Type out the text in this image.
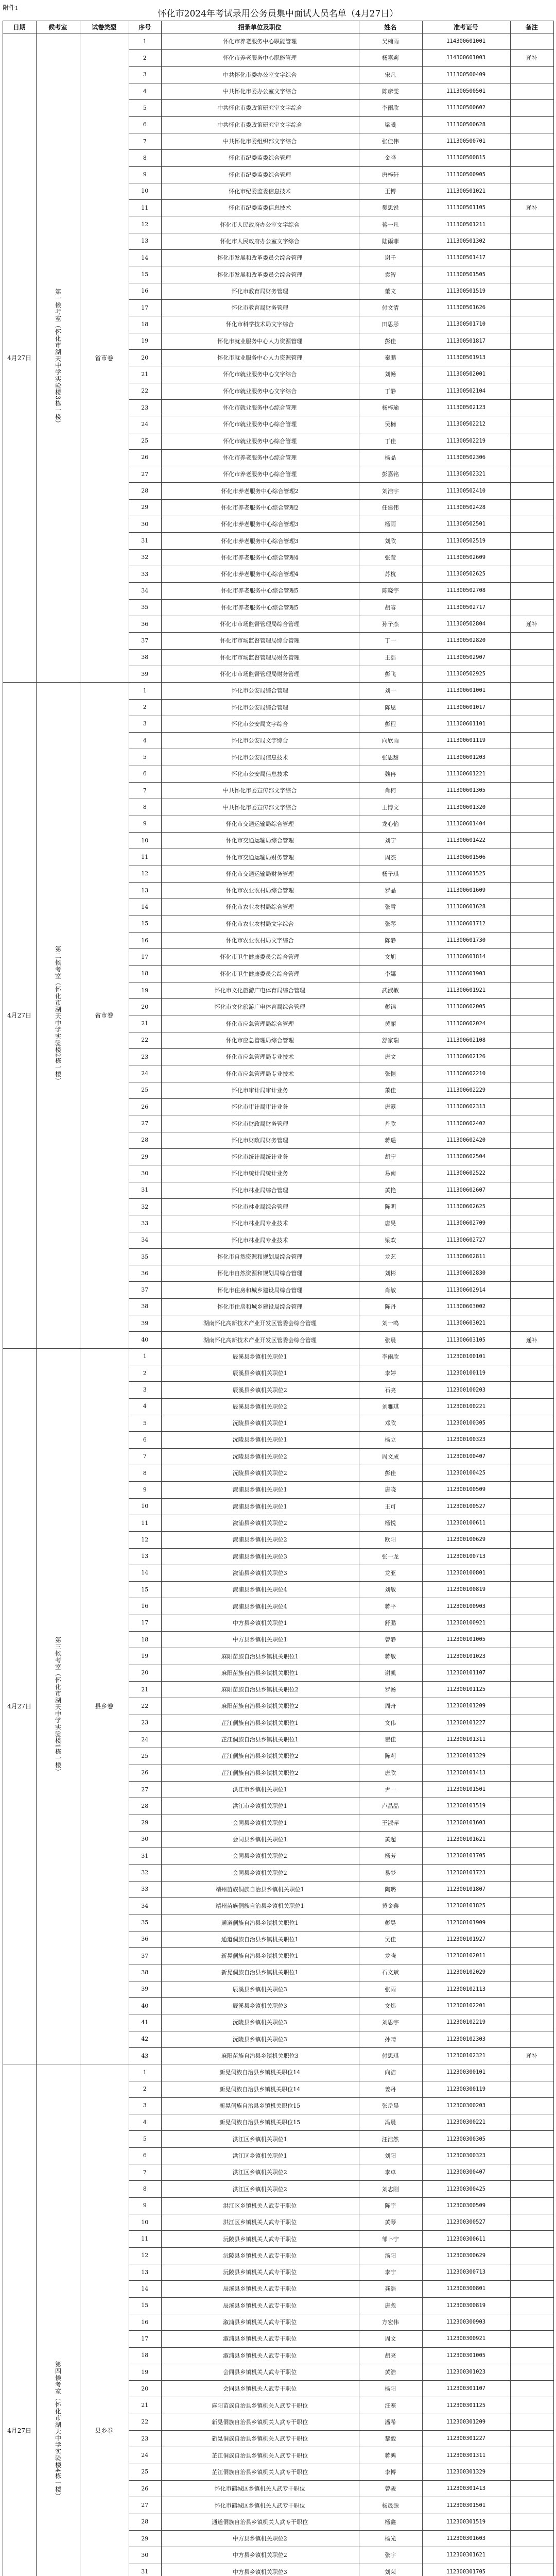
附件1
怀化市2024年考试录用公务员集中面试人员名单（4月27日）
日期	候考室	试卷类型	序号	招录单位及职位	姓名	准考证号	备注
4月27日	第一候考室（怀化市湖天中学实验楼3栋一楼）	省市卷
1	怀化市养老服务中心职能管理	吴楠雨	114300601001
2	怀化市养老服务中心职能管理	杨嘉莉	114300601003	递补
3	中共怀化市委办公室文字综合	宋凡	111300500409
4	中共怀化市委办公室文字综合	陈彦雯	111300500501
5	中共怀化市委政策研究室文字综合	李雨欣	111300500602
6	中共怀化市委政策研究室文字综合	梁曦	111300500628
7	中共怀化市委组织部文字综合	张佳伟	111300500701
8	怀化市纪委监委综合管理	金晔	111300500815
9	怀化市纪委监委综合管理	唐梓轩	111300500905
10	怀化市纪委监委信息技术	王博	111300501021
11	怀化市纪委监委信息技术	樊思锐	111300501105	递补
12	怀化市人民政府办公室文字综合	蒋一凡	111300501211
13	怀化市人民政府办公室文字综合	陆雨菲	111300501302
14	怀化市发展和改革委员会综合管理	谢千	111300501417
15	怀化市发展和改革委员会综合管理	袁智	111300501505
16	怀化市教育局财务管理	董文	111300501519
17	怀化市教育局财务管理	付文清	111300501626
18	怀化市科学技术局文字综合	田思彤	111300501710
19	怀化市就业服务中心人力资源管理	彭佳	111300501817
20	怀化市就业服务中心人力资源管理	秦鹏	111300501913
21	怀化市就业服务中心文字综合	刘畅	111300502001
22	怀化市就业服务中心文字综合	丁静	111300502104
23	怀化市就业服务中心综合管理	杨梓瑜	111300502123
24	怀化市就业服务中心综合管理	吴楠	111300502212
25	怀化市就业服务中心综合管理	丁佳	111300502219
26	怀化市养老服务中心综合管理	杨晶	111300502306
27	怀化市养老服务中心综合管理	彭嘉铭	111300502321
28	怀化市养老服务中心综合管理2	刘浩宇	111300502410
29	怀化市养老服务中心综合管理2	任建伟	111300502428
30	怀化市养老服务中心综合管理3	杨雨	111300502501
31	怀化市养老服务中心综合管理3	刘欣	111300502519
32	怀化市养老服务中心综合管理4	张莹	111300502609
33	怀化市养老服务中心综合管理4	苏杭	111300502625
34	怀化市养老服务中心综合管理5	陈晓宇	111300502708
35	怀化市养老服务中心综合管理5	胡睿	111300502717
36	怀化市市场监督管理局综合管理	孙子杰	111300502804	递补
37	怀化市市场监督管理局综合管理	丁一	111300502820
38	怀化市市场监督管理局财务管理	王浩	111300502907
39	怀化市市场监督管理局财务管理	彭飞	111300502925
4月27日	第二候考室（怀化市湖天中学实验楼2栋一楼）	省市卷
1	怀化市公安局综合管理	刘一	111300601001
2	怀化市公安局综合管理	陈思	111300601017
3	怀化市公安局文字综合	彭程	111300601101
4	怀化市公安局文字综合	向欣雨	111300601119
5	怀化市公安局信息技术	张思甜	111300601203
6	怀化市公安局信息技术	魏冉	111300601221
7	中共怀化市委宣传部文字综合	肖柯	111300601305
8	中共怀化市委宣传部文字综合	王博文	111300601320
9	怀化市交通运输局综合管理	龙心怡	111300601404
10	怀化市交通运输局综合管理	刘宁	111300601422
11	怀化市交通运输局财务管理	周杰	111300601506
12	怀化市交通运输局财务管理	杨子琪	111300601525
13	怀化市农业农村局综合管理	罗晶	111300601609
14	怀化市农业农村局综合管理	张雪	111300601628
15	怀化市农业农村局文字综合	张琴	111300601712
16	怀化市农业农村局文字综合	陈静	111300601730
17	怀化市卫生健康委员会综合管理	文旭	111300601814
18	怀化市卫生健康委员会综合管理	李娜	111300601903
19	怀化市文化旅游广电体育局综合管理	武淑敏	111300601921
20	怀化市文化旅游广电体育局综合管理	彭锦	111300602005
21	怀化市应急管理局综合管理	黄丽	111300602024
22	怀化市应急管理局综合管理	舒家瑞	111300602108
23	怀化市应急管理局专业技术	唐文	111300602126
24	怀化市应急管理局专业技术	张恺	111300602210
25	怀化市审计局审计业务	萧佳	111300602229
26	怀化市审计局审计业务	唐露	111300602313
27	怀化市财政局财务管理	丹欣	111300602402
28	怀化市财政局财务管理	蒋遥	111300602420
29	怀化市统计局统计业务	胡宁	111300602504
30	怀化市统计局统计业务	易南	111300602522
31	怀化市林业局综合管理	黄艳	111300602607
32	怀化市林业局综合管理	陈明	111300602625
33	怀化市林业局专业技术	唐昊	111300602709
34	怀化市林业局专业技术	梁欢	111300602727
35	怀化市自然资源和规划局综合管理	龙艺	111300602811
36	怀化市自然资源和规划局综合管理	刘彬	111300602830
37	怀化市住房和城乡建设局综合管理	肖敏	111300602914
38	怀化市住房和城乡建设局综合管理	陈丹	111300603002
39	湖南怀化高新技术产业开发区管委会综合管理	刘一鸣	111300603021
40	湖南怀化高新技术产业开发区管委会综合管理	张晨	111300603105	递补
4月27日	第三候考室（怀化市湖天中学实验楼1栋一楼）	县乡卷
1	辰溪县乡镇机关职位1	李雨欣	112300100101
2	辰溪县乡镇机关职位1	李婷	112300100119
3	辰溪县乡镇机关职位2	石亮	112300100203
4	辰溪县乡镇机关职位2	刘雅琪	112300100221
5	沅陵县乡镇机关职位1	邓欣	112300100305
6	沅陵县乡镇机关职位1	杨立	112300100323
7	沅陵县乡镇机关职位2	周文成	112300100407
8	沅陵县乡镇机关职位2	彭佳	112300100425
9	溆浦县乡镇机关职位1	唐晓	112300100509
10	溆浦县乡镇机关职位1	王可	112300100527
11	溆浦县乡镇机关职位2	杨悦	112300100611
12	溆浦县乡镇机关职位2	欧阳	112300100629
13	溆浦县乡镇机关职位3	张一龙	112300100713
14	溆浦县乡镇机关职位3	龙亚	112300100801
15	溆浦县乡镇机关职位4	刘敏	112300100819
16	溆浦县乡镇机关职位4	蒋平	112300100903
17	中方县乡镇机关职位1	舒鹏	112300100921
18	中方县乡镇机关职位1	曾静	112300101005
19	麻阳苗族自治县乡镇机关职位1	蒋敏	112300101023
20	麻阳苗族自治县乡镇机关职位1	谢凯	112300101107
21	麻阳苗族自治县乡镇机关职位2	罗畅	112300101125
22	麻阳苗族自治县乡镇机关职位2	周舟	112300101209
23	芷江侗族自治县乡镇机关职位1	文伟	112300101227
24	芷江侗族自治县乡镇机关职位1	瞿佳	112300101311
25	芷江侗族自治县乡镇机关职位2	陈莉	112300101329
26	芷江侗族自治县乡镇机关职位2	唐欣	112300101413
27	洪江市乡镇机关职位1	尹一	112300101501
28	洪江市乡镇机关职位1	卢晶晶	112300101519
29	会同县乡镇机关职位1	王淑萍	112300101603
30	会同县乡镇机关职位1	黄超	112300101621
31	会同县乡镇机关职位2	杨芳	112300101705
32	会同县乡镇机关职位2	易梦	112300101723
33	靖州苗族侗族自治县乡镇机关职位1	陶璐	112300101807
34	靖州苗族侗族自治县乡镇机关职位1	黄金鑫	112300101825
35	通道侗族自治县乡镇机关职位1	彭昊	112300101909
36	通道侗族自治县乡镇机关职位1	吴佳	112300101927
37	新晃侗族自治县乡镇机关职位1	龙晓	112300102011
38	新晃侗族自治县乡镇机关职位1	石文斌	112300102029
39	辰溪县乡镇机关职位3	张雨	112300102113
40	辰溪县乡镇机关职位3	文炜	112300102201
41	沅陵县乡镇机关职位3	刘思宇	112300102219
42	沅陵县乡镇机关职位3	孙晴	112300102303
43	麻阳苗族自治县乡镇机关职位3	付思琪	112300102321	递补
4月27日	第四候考室（怀化市湖天中学实验楼4栋一楼）	县乡卷
1	新晃侗族自治县乡镇机关职位14	向洁	112300300101
2	新晃侗族自治县乡镇机关职位14	姜丹	112300300119
3	新晃侗族自治县乡镇机关职位15	张岳晨	112300300203
4	新晃侗族自治县乡镇机关职位15	冯晨	112300300221
5	洪江区乡镇机关职位1	汪浩然	112300300305
6	洪江区乡镇机关职位1	刘阳	112300300323
7	洪江区乡镇机关职位2	李卓	112300300407
8	洪江区乡镇机关职位2	刘志刚	112300300425
9	洪江区乡镇机关人武专干职位	陈宇	112300300509
10	洪江区乡镇机关人武专干职位	黄琴	112300300527
11	沅陵县乡镇机关人武专干职位	邹卜宁	112300300611
12	沅陵县乡镇机关人武专干职位	汤阳	112300300629
13	沅陵县乡镇机关人武专干职位	李宁	112300300713
14	辰溪县乡镇机关人武专干职位	龚浩	112300300801
15	辰溪县乡镇机关人武专干职位	唐彪	112300300819
16	溆浦县乡镇机关人武专干职位	方宏伟	112300300903
17	溆浦县乡镇机关人武专干职位	周文	112300300921
18	溆浦县乡镇机关人武专干职位	胡亮	112300301005
19	会同县乡镇机关人武专干职位	黄浩	112300301023
20	会同县乡镇机关人武专干职位	杨阳	112300301107
21	麻阳苗族自治县乡镇机关人武专干职位	汪寒	112300301125
22	新晃侗族自治县乡镇机关人武专干职位	潘希	112300301209
23	新晃侗族自治县乡镇机关人武专干职位	黎毅	112300301227
24	芷江侗族自治县乡镇机关人武专干职位	蒋鸿	112300301311
25	芷江侗族自治县乡镇机关人武专干职位	李博	112300301329
26	怀化市鹤城区乡镇机关人武专干职位	曾骏	112300301413
27	怀化市鹤城区乡镇机关人武专干职位	杨晟源	112300301501
28	通道侗族自治县乡镇机关人武专干职位	杨鑫	112300301519
29	中方县乡镇机关职位2	杨光	112300301603
30	中方县乡镇机关职位2	张宇	112300301621
31	中方县乡镇机关职位3	刘荣	112300301705
